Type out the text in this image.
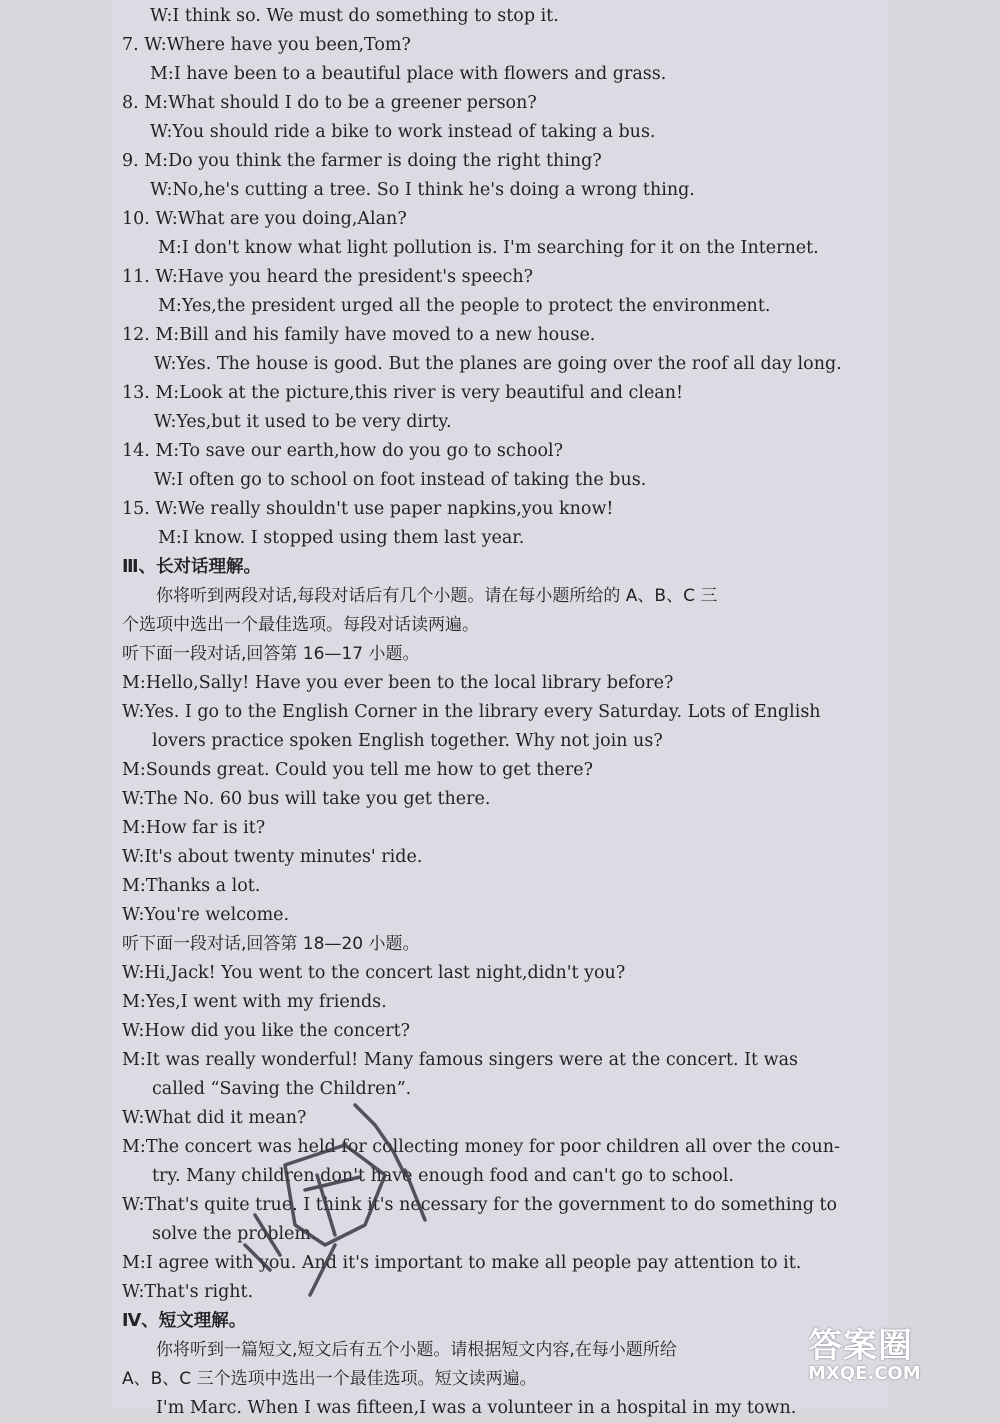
W:I think so. We must do something to stop it.
7. W:Where have you been,Tom?
M:I have been to a beautiful place with flowers and grass.
8. M:What should I do to be a greener person?
W:You should ride a bike to work instead of taking a bus.
9. M:Do you think the farmer is doing the right thing?
W:No,he's cutting a tree. So I think he's doing a wrong thing.
10. W:What are you doing,Alan?
M:I don't know what light pollution is. I'm searching for it on the Internet.
11. W:Have you heard the president's speech?
M:Yes,the president urged all the people to protect the environment.
12. M:Bill and his family have moved to a new house.
W:Yes. The house is good. But the planes are going over the roof all day long.
13. M:Look at the picture,this river is very beautiful and clean!
W:Yes,but it used to be very dirty.
14. M:To save our earth,how do you go to school?
W:I often go to school on foot instead of taking the bus.
15. W:We really shouldn't use paper napkins,you know!
M:I know. I stopped using them last year.
Ⅲ、长对话理解。
你将听到两段对话,每段对话后有几个小题。请在每小题所给的 A、B、C 三
个选项中选出一个最佳选项。每段对话读两遍。
听下面一段对话,回答第 16—17 小题。
M:Hello,Sally! Have you ever been to the local library before?
W:Yes. I go to the English Corner in the library every Saturday. Lots of English
lovers practice spoken English together. Why not join us?
M:Sounds great. Could you tell me how to get there?
W:The No. 60 bus will take you get there.
M:How far is it?
W:It's about twenty minutes' ride.
M:Thanks a lot.
W:You're welcome.
听下面一段对话,回答第 18—20 小题。
W:Hi,Jack! You went to the concert last night,didn't you?
M:Yes,I went with my friends.
W:How did you like the concert?
M:It was really wonderful! Many famous singers were at the concert. It was
called “Saving the Children”.
W:What did it mean?
M:The concert was held for collecting money for poor children all over the coun-
try. Many children don't have enough food and can't go to school.
W:That's quite true. I think it's necessary for the government to do something to
solve the problem.
M:I agree with you. And it's important to make all people pay attention to it.
W:That's right.
Ⅳ、短文理解。
你将听到一篇短文,短文后有五个小题。请根据短文内容,在每小题所给
A、B、C 三个选项中选出一个最佳选项。短文读两遍。
I'm Marc. When I was fifteen,I was a volunteer in a hospital in my town.
答案圈
MXQE.COM
